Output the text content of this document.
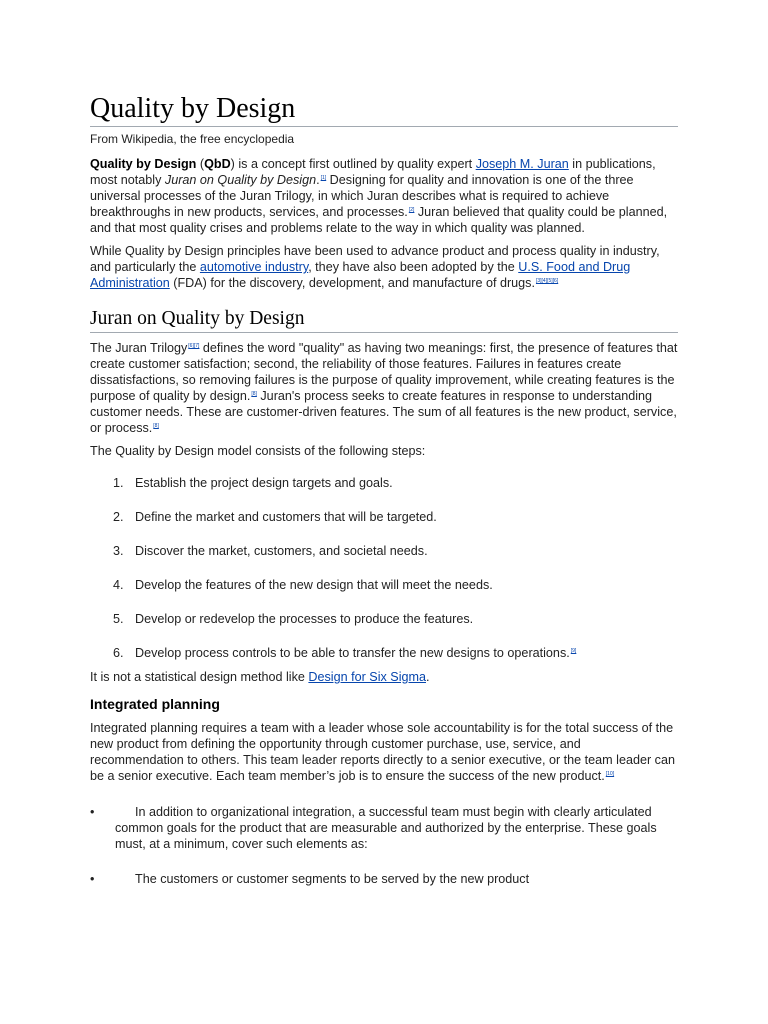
Quality by Design
From Wikipedia, the free encyclopedia

Quality by Design (QbD) is a concept first outlined by quality expert Joseph M. Juran in publications, most notably Juran on Quality by Design.[1] Designing for quality and innovation is one of the three universal processes of the Juran Trilogy, in which Juran describes what is required to achieve breakthroughs in new products, services, and processes.[2] Juran believed that quality could be planned, and that most quality crises and problems relate to the way in which quality was planned.

While Quality by Design principles have been used to advance product and process quality in industry, and particularly the automotive industry, they have also been adopted by the U.S. Food and Drug Administration (FDA) for the discovery, development, and manufacture of drugs.[3][4][5][6]

Juran on Quality by Design

The Juran Trilogy[6][7] defines the word "quality" as having two meanings: first, the presence of features that create customer satisfaction; second, the reliability of those features. Failures in features create dissatisfactions, so removing failures is the purpose of quality improvement, while creating features is the purpose of quality by design.[8] Juran's process seeks to create features in response to understanding customer needs. These are customer-driven features. The sum of all features is the new product, service, or process.[8]

The Quality by Design model consists of the following steps:

1. Establish the project design targets and goals.
2. Define the market and customers that will be targeted.
3. Discover the market, customers, and societal needs.
4. Develop the features of the new design that will meet the needs.
5. Develop or redevelop the processes to produce the features.
6. Develop process controls to be able to transfer the new designs to operations.[9]

It is not a statistical design method like Design for Six Sigma.

Integrated planning

Integrated planning requires a team with a leader whose sole accountability is for the total success of the new product from defining the opportunity through customer purchase, use, service, and recommendation to others. This team leader reports directly to a senior executive, or the team leader can be a senior executive. Each team member’s job is to ensure the success of the new product.[10]

•	In addition to organizational integration, a successful team must begin with clearly articulated common goals for the product that are measurable and authorized by the enterprise. These goals must, at a minimum, cover such elements as:
•	The customers or customer segments to be served by the new product
